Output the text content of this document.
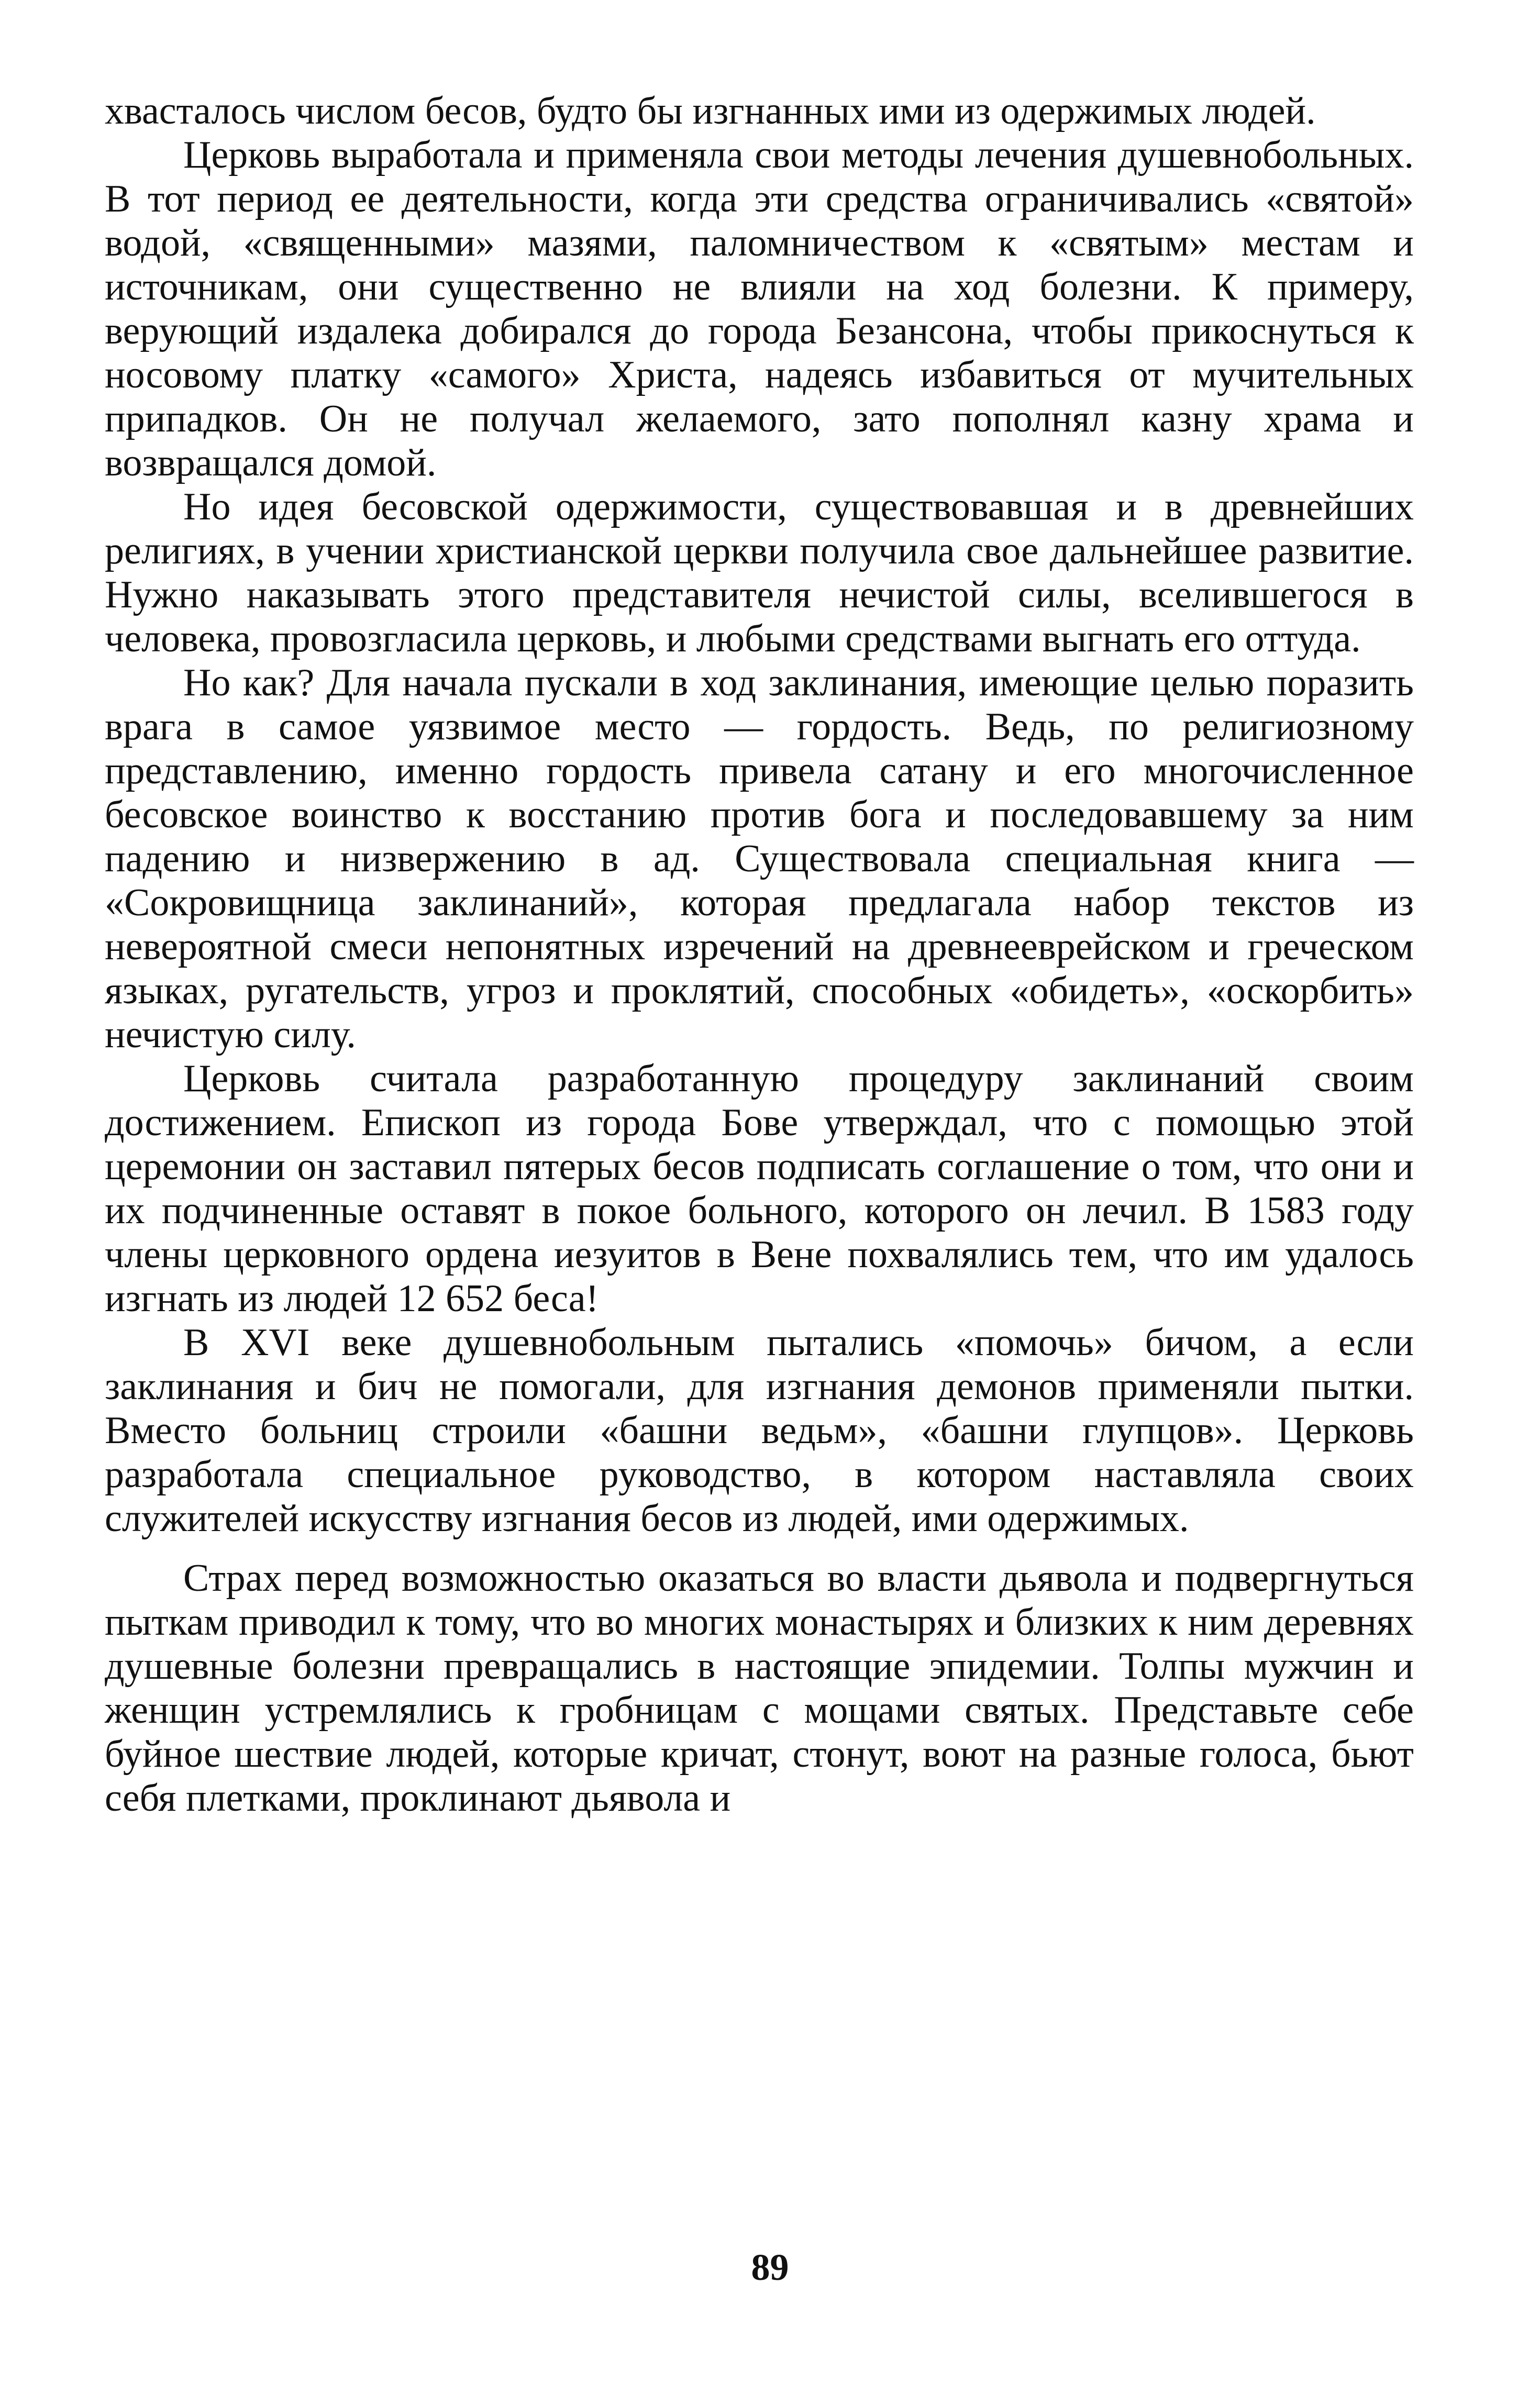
хвасталось числом бесов, будто бы изгнанных ими из одержимых людей.

Церковь выработала и применяла свои методы лечения душевнобольных. В тот период ее деятельности, когда эти средства ограничивались «святой» водой, «священными» мазями, паломничеством к «святым» местам и источникам, они существенно не влияли на ход болезни. К примеру, верующий издалека добирался до города Безансона, чтобы прикоснуться к носовому платку «самого» Христа, надеясь избавиться от мучительных припадков. Он не получал желаемого, зато пополнял казну храма и возвращался домой.

Но идея бесовской одержимости, существовавшая и в древнейших религиях, в учении христианской церкви получила свое дальнейшее развитие. Нужно наказывать этого представителя нечистой силы, вселившегося в человека, провозгласила церковь, и любыми средствами выгнать его оттуда.

Но как? Для начала пускали в ход заклинания, имеющие целью поразить врага в самое уязвимое место — гордость. Ведь, по религиозному представлению, именно гордость привела сатану и его многочисленное бесовское воинство к восстанию против бога и последовавшему за ним падению и низвержению в ад. Существовала специальная книга — «Сокровищница заклинаний», которая предлагала набор текстов из невероятной смеси непонятных изречений на древнееврейском и греческом языках, ругательств, угроз и проклятий, способных «обидеть», «оскорбить» нечистую силу.

Церковь считала разработанную процедуру заклинаний своим достижением. Епископ из города Бове утверждал, что с помощью этой церемонии он заставил пятерых бесов подписать соглашение о том, что они и их подчиненные оставят в покое больного, которого он лечил. В 1583 году члены церковного ордена иезуитов в Вене похвалялись тем, что им удалось изгнать из людей 12 652 беса!

В XVI веке душевнобольным пытались «помочь» бичом, а если заклинания и бич не помогали, для изгнания демонов применяли пытки. Вместо больниц строили «башни ведьм», «башни глупцов». Церковь разработала специальное руководство, в котором наставляла своих служителей искусству изгнания бесов из людей, ими одержимых.

Страх перед возможностью оказаться во власти дьявола и подвергнуться пыткам приводил к тому, что во многих монастырях и близких к ним деревнях душевные болезни превращались в настоящие эпидемии. Толпы мужчин и женщин устремлялись к гробницам с мощами святых. Представьте себе буйное шествие людей, которые кричат, стонут, воют на разные голоса, бьют себя плетками, проклинают дьявола и

89
